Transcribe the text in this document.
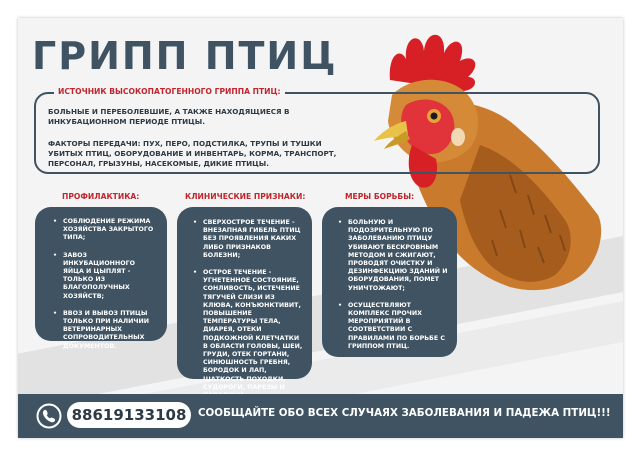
ГРИПП ПТИЦ
ИСТОЧНИК ВЫСОКОПАТОГЕННОГО ГРИППА ПТИЦ:
БОЛЬНЫЕ И ПЕРЕБОЛЕВШИЕ, А ТАКЖЕ НАХОДЯЩИЕСЯ В ИНКУБАЦИОННОМ ПЕРИОДЕ ПТИЦЫ.
ФАКТОРЫ ПЕРЕДАЧИ: ПУХ, ПЕРО, ПОДСТИЛКА, ТРУПЫ И ТУШКИ УБИТЫХ ПТИЦ, ОБОРУДОВАНИЕ И ИНВЕНТАРЬ, КОРМА, ТРАНСПОРТ, ПЕРСОНАЛ, ГРЫЗУНЫ, НАСЕКОМЫЕ, ДИКИЕ ПТИЦЫ.
ПРОФИЛАКТИКА:
• СОБЛЮДЕНИЕ РЕЖИМА ХОЗЯЙСТВА ЗАКРЫТОГО ТИПА;
• ЗАВОЗ ИНКУБАЦИОННОГО ЯЙЦА И ЦЫПЛЯТ - ТОЛЬКО ИЗ БЛАГОПОЛУЧНЫХ ХОЗЯЙСТВ;
• ВВОЗ И ВЫВОЗ ПТИЦЫ ТОЛЬКО ПРИ НАЛИЧИИ ВЕТЕРИНАРНЫХ СОПРОВОДИТЕЛЬНЫХ ДОКУМЕНТОВ.
КЛИНИЧЕСКИЕ ПРИЗНАКИ:
• СВЕРХОСТРОЕ ТЕЧЕНИЕ - ВНЕЗАПНАЯ ГИБЕЛЬ ПТИЦ БЕЗ ПРОЯВЛЕНИЯ КАКИХ ЛИБО ПРИЗНАКОВ БОЛЕЗНИ;
• ОСТРОЕ ТЕЧЕНИЕ - УГНЕТЕННОЕ СОСТОЯНИЕ, СОНЛИВОСТЬ, ИСТЕЧЕНИЕ ТЯГУЧЕЙ СЛИЗИ ИЗ КЛЮВА, КОНЪЮНКТИВИТ, ПОВЫШЕНИЕ ТЕМПЕРАТУРЫ ТЕЛА, ДИАРЕЯ, ОТЕКИ ПОДКОЖНОЙ КЛЕТЧАТКИ В ОБЛАСТИ ГОЛОВЫ, ШЕИ, ГРУДИ, ОТЕК ГОРТАНИ, СИНЮШНОСТЬ ГРЕБНЯ, БОРОДОК И ЛАП, ШАТКОСТЬ ПОХОДКИ, СУДОРОГИ, ПАРЕЗЫ И
МЕРЫ БОРЬБЫ:
• БОЛЬНУЮ И ПОДОЗРИТЕЛЬНУЮ ПО ЗАБОЛЕВАНИЮ ПТИЦУ УБИВАЮТ БЕСКРОВНЫМ МЕТОДОМ И СЖИГАЮТ, ПРОВОДЯТ ОЧИСТКУ И ДЕЗИНФЕКЦИЮ ЗДАНИЙ И ОБОРУДОВАНИЯ, ПОМЕТ УНИЧТОЖАЮТ;
• ОСУЩЕСТВЛЯЮТ КОМПЛЕКС ПРОЧИХ МЕРОПРИЯТИЙ В СООТВЕТСТВИИ С ПРАВИЛАМИ ПО БОРЬБЕ С ГРИППОМ ПТИЦ.
88619133108	СООБЩАЙТЕ ОБО ВСЕХ СЛУЧАЯХ ЗАБОЛЕВАНИЯ И ПАДЕЖА ПТИЦ!!!
